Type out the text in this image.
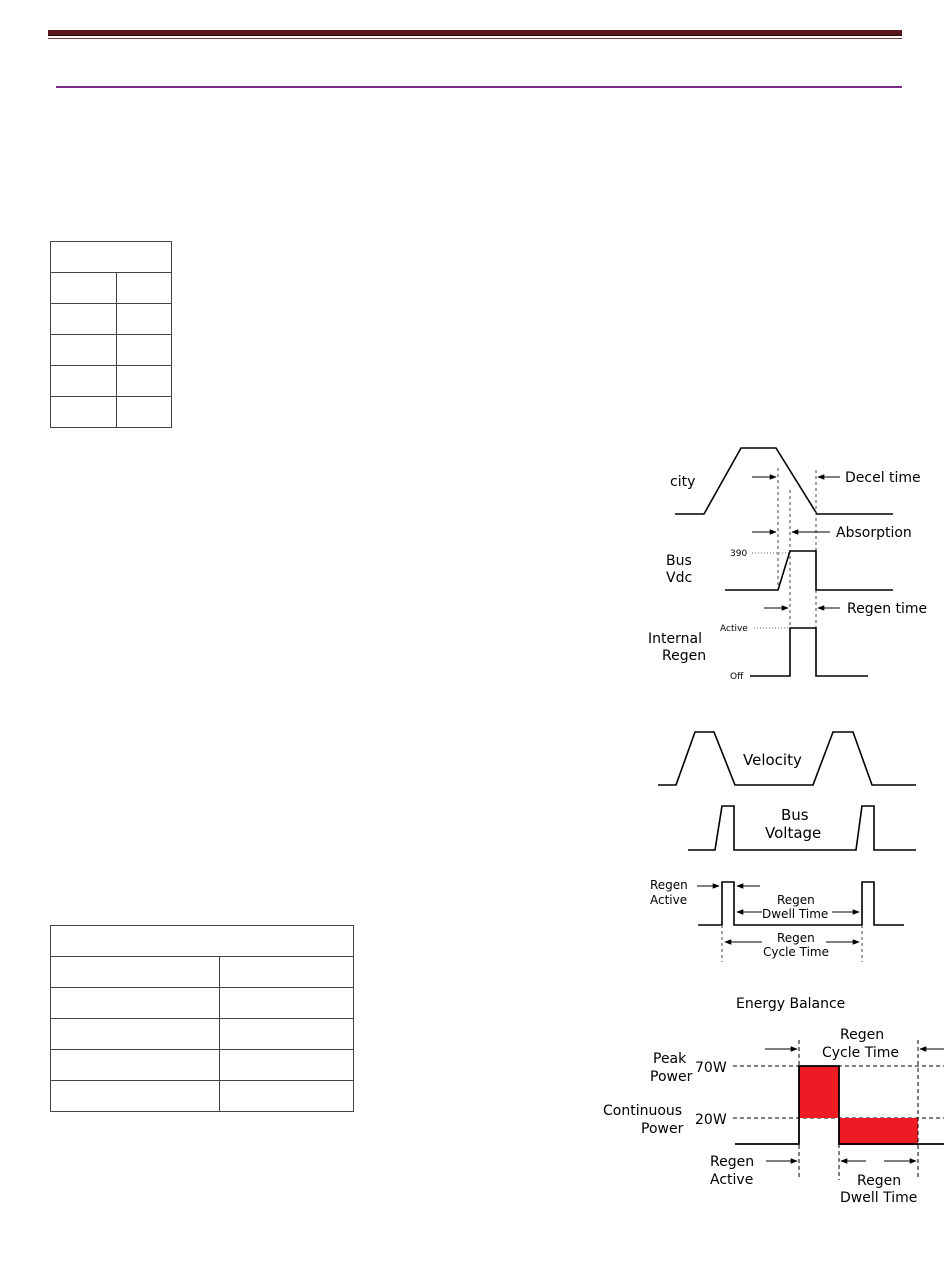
city	Decel time
Absorption
Bus
Vdc
390
Regen time
Internal
Regen
Active
Off
Velocity
Bus
Voltage
Regen
Active	Regen
Dwell Time
Regen
Cycle Time
Energy Balance
Regen
Cycle Time
Peak
Power
70W
Continuous
Power
20W
Regen
Active	Regen
Dwell Time
